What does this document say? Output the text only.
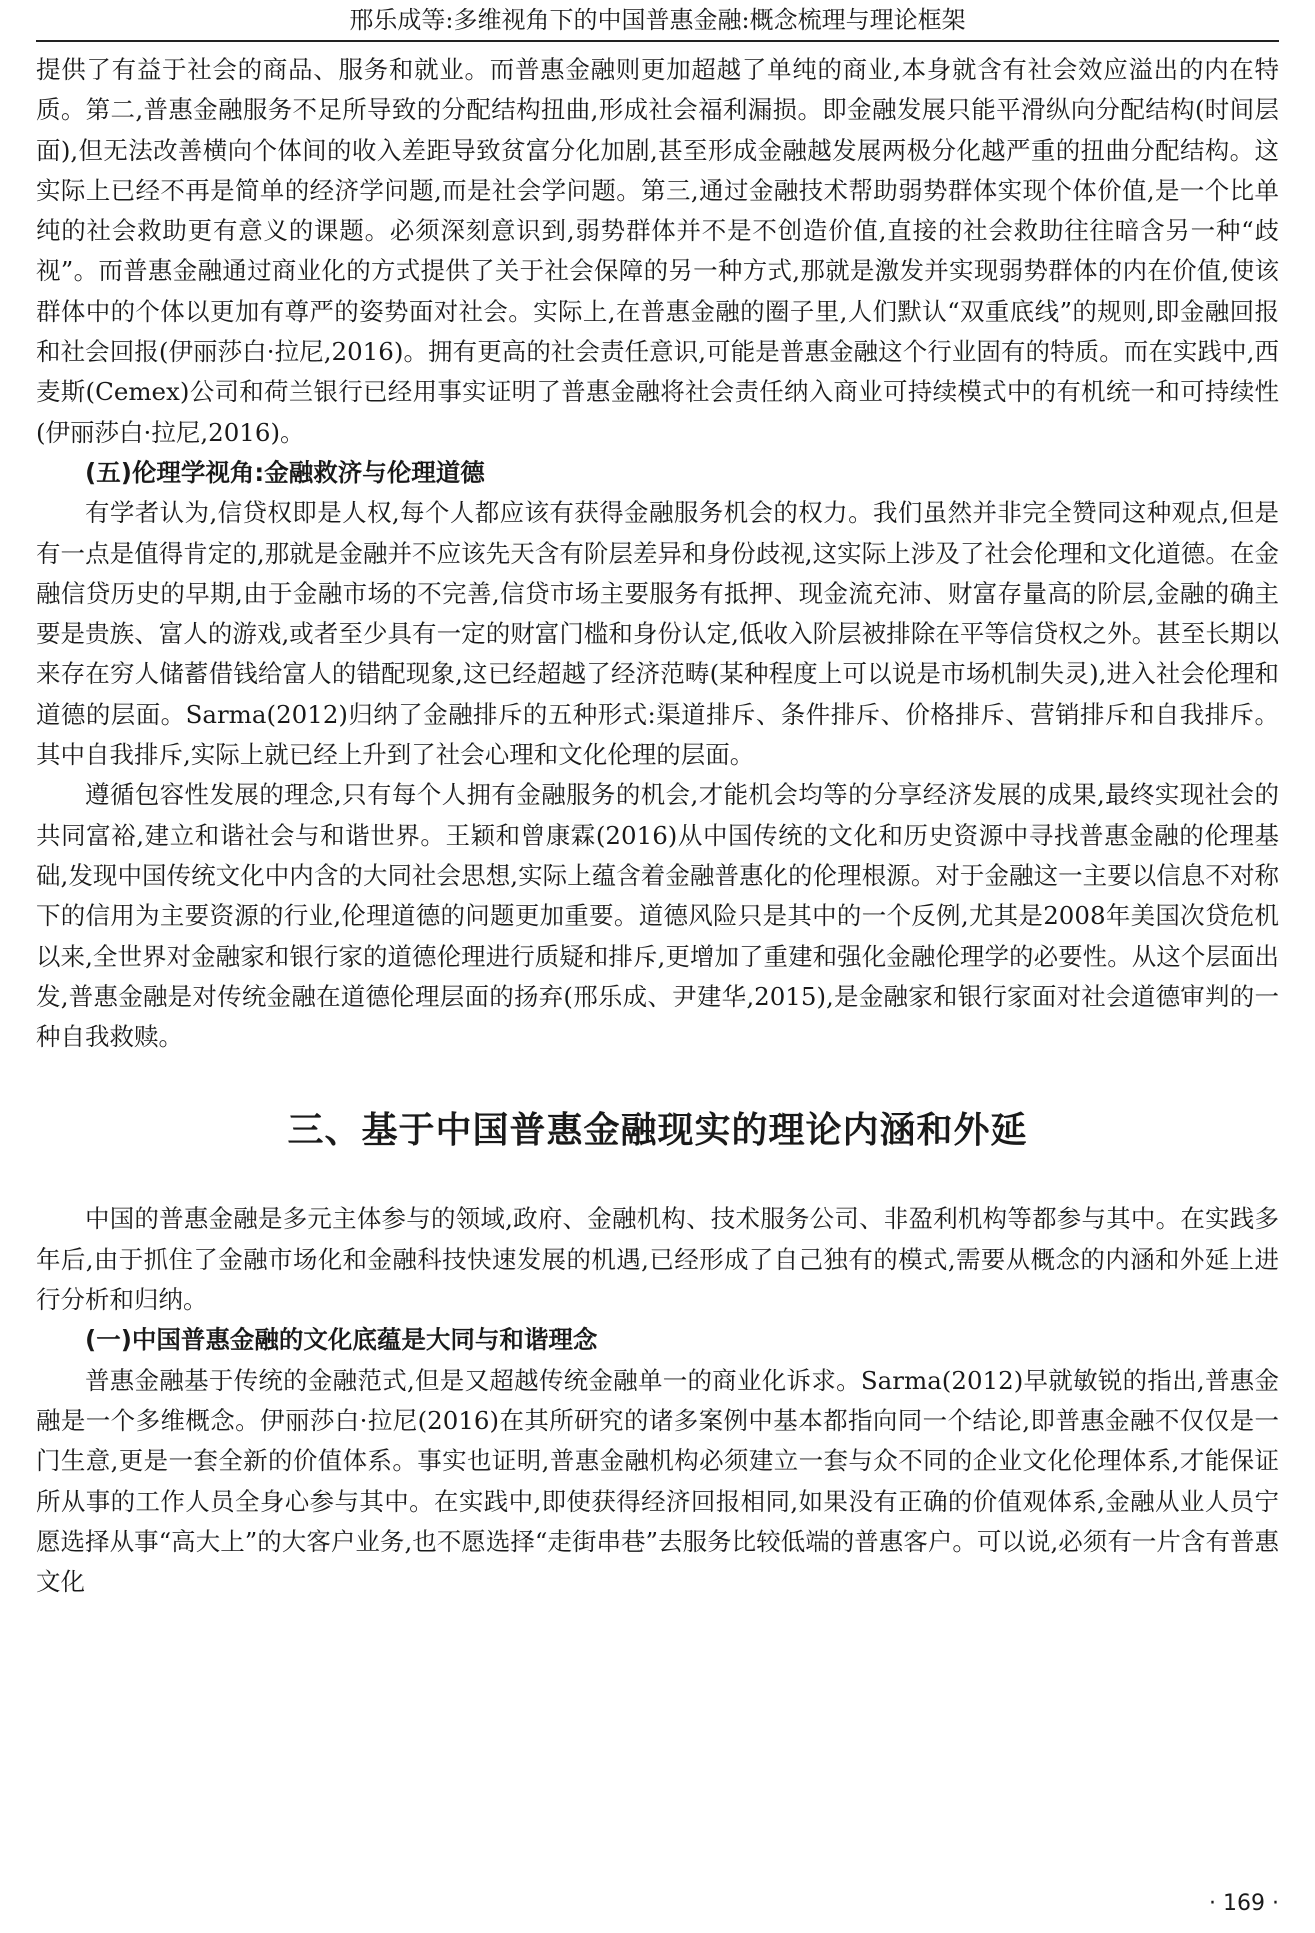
邢乐成等:多维视角下的中国普惠金融:概念梳理与理论框架

提供了有益于社会的商品、服务和就业。而普惠金融则更加超越了单纯的商业,本身就含有社会效应溢出的内在特质。第二,普惠金融服务不足所导致的分配结构扭曲,形成社会福利漏损。即金融发展只能平滑纵向分配结构(时间层面),但无法改善横向个体间的收入差距导致贫富分化加剧,甚至形成金融越发展两极分化越严重的扭曲分配结构。这实际上已经不再是简单的经济学问题,而是社会学问题。第三,通过金融技术帮助弱势群体实现个体价值,是一个比单纯的社会救助更有意义的课题。必须深刻意识到,弱势群体并不是不创造价值,直接的社会救助往往暗含另一种“歧视”。而普惠金融通过商业化的方式提供了关于社会保障的另一种方式,那就是激发并实现弱势群体的内在价值,使该群体中的个体以更加有尊严的姿势面对社会。实际上,在普惠金融的圈子里,人们默认“双重底线”的规则,即金融回报和社会回报(伊丽莎白·拉尼,2016)。拥有更高的社会责任意识,可能是普惠金融这个行业固有的特质。而在实践中,西麦斯(Cemex)公司和荷兰银行已经用事实证明了普惠金融将社会责任纳入商业可持续模式中的有机统一和可持续性(伊丽莎白·拉尼,2016)。

(五)伦理学视角:金融救济与伦理道德

有学者认为,信贷权即是人权,每个人都应该有获得金融服务机会的权力。我们虽然并非完全赞同这种观点,但是有一点是值得肯定的,那就是金融并不应该先天含有阶层差异和身份歧视,这实际上涉及了社会伦理和文化道德。在金融信贷历史的早期,由于金融市场的不完善,信贷市场主要服务有抵押、现金流充沛、财富存量高的阶层,金融的确主要是贵族、富人的游戏,或者至少具有一定的财富门槛和身份认定,低收入阶层被排除在平等信贷权之外。甚至长期以来存在穷人储蓄借钱给富人的错配现象,这已经超越了经济范畴(某种程度上可以说是市场机制失灵),进入社会伦理和道德的层面。Sarma(2012)归纳了金融排斥的五种形式:渠道排斥、条件排斥、价格排斥、营销排斥和自我排斥。其中自我排斥,实际上就已经上升到了社会心理和文化伦理的层面。

遵循包容性发展的理念,只有每个人拥有金融服务的机会,才能机会均等的分享经济发展的成果,最终实现社会的共同富裕,建立和谐社会与和谐世界。王颖和曾康霖(2016)从中国传统的文化和历史资源中寻找普惠金融的伦理基础,发现中国传统文化中内含的大同社会思想,实际上蕴含着金融普惠化的伦理根源。对于金融这一主要以信息不对称下的信用为主要资源的行业,伦理道德的问题更加重要。道德风险只是其中的一个反例,尤其是2008年美国次贷危机以来,全世界对金融家和银行家的道德伦理进行质疑和排斥,更增加了重建和强化金融伦理学的必要性。从这个层面出发,普惠金融是对传统金融在道德伦理层面的扬弃(邢乐成、尹建华,2015),是金融家和银行家面对社会道德审判的一种自我救赎。

三、基于中国普惠金融现实的理论内涵和外延

中国的普惠金融是多元主体参与的领域,政府、金融机构、技术服务公司、非盈利机构等都参与其中。在实践多年后,由于抓住了金融市场化和金融科技快速发展的机遇,已经形成了自己独有的模式,需要从概念的内涵和外延上进行分析和归纳。

(一)中国普惠金融的文化底蕴是大同与和谐理念

普惠金融基于传统的金融范式,但是又超越传统金融单一的商业化诉求。Sarma(2012)早就敏锐的指出,普惠金融是一个多维概念。伊丽莎白·拉尼(2016)在其所研究的诸多案例中基本都指向同一个结论,即普惠金融不仅仅是一门生意,更是一套全新的价值体系。事实也证明,普惠金融机构必须建立一套与众不同的企业文化伦理体系,才能保证所从事的工作人员全身心参与其中。在实践中,即使获得经济回报相同,如果没有正确的价值观体系,金融从业人员宁愿选择从事“高大上”的大客户业务,也不愿选择“走街串巷”去服务比较低端的普惠客户。可以说,必须有一片含有普惠文化

· 169 ·
